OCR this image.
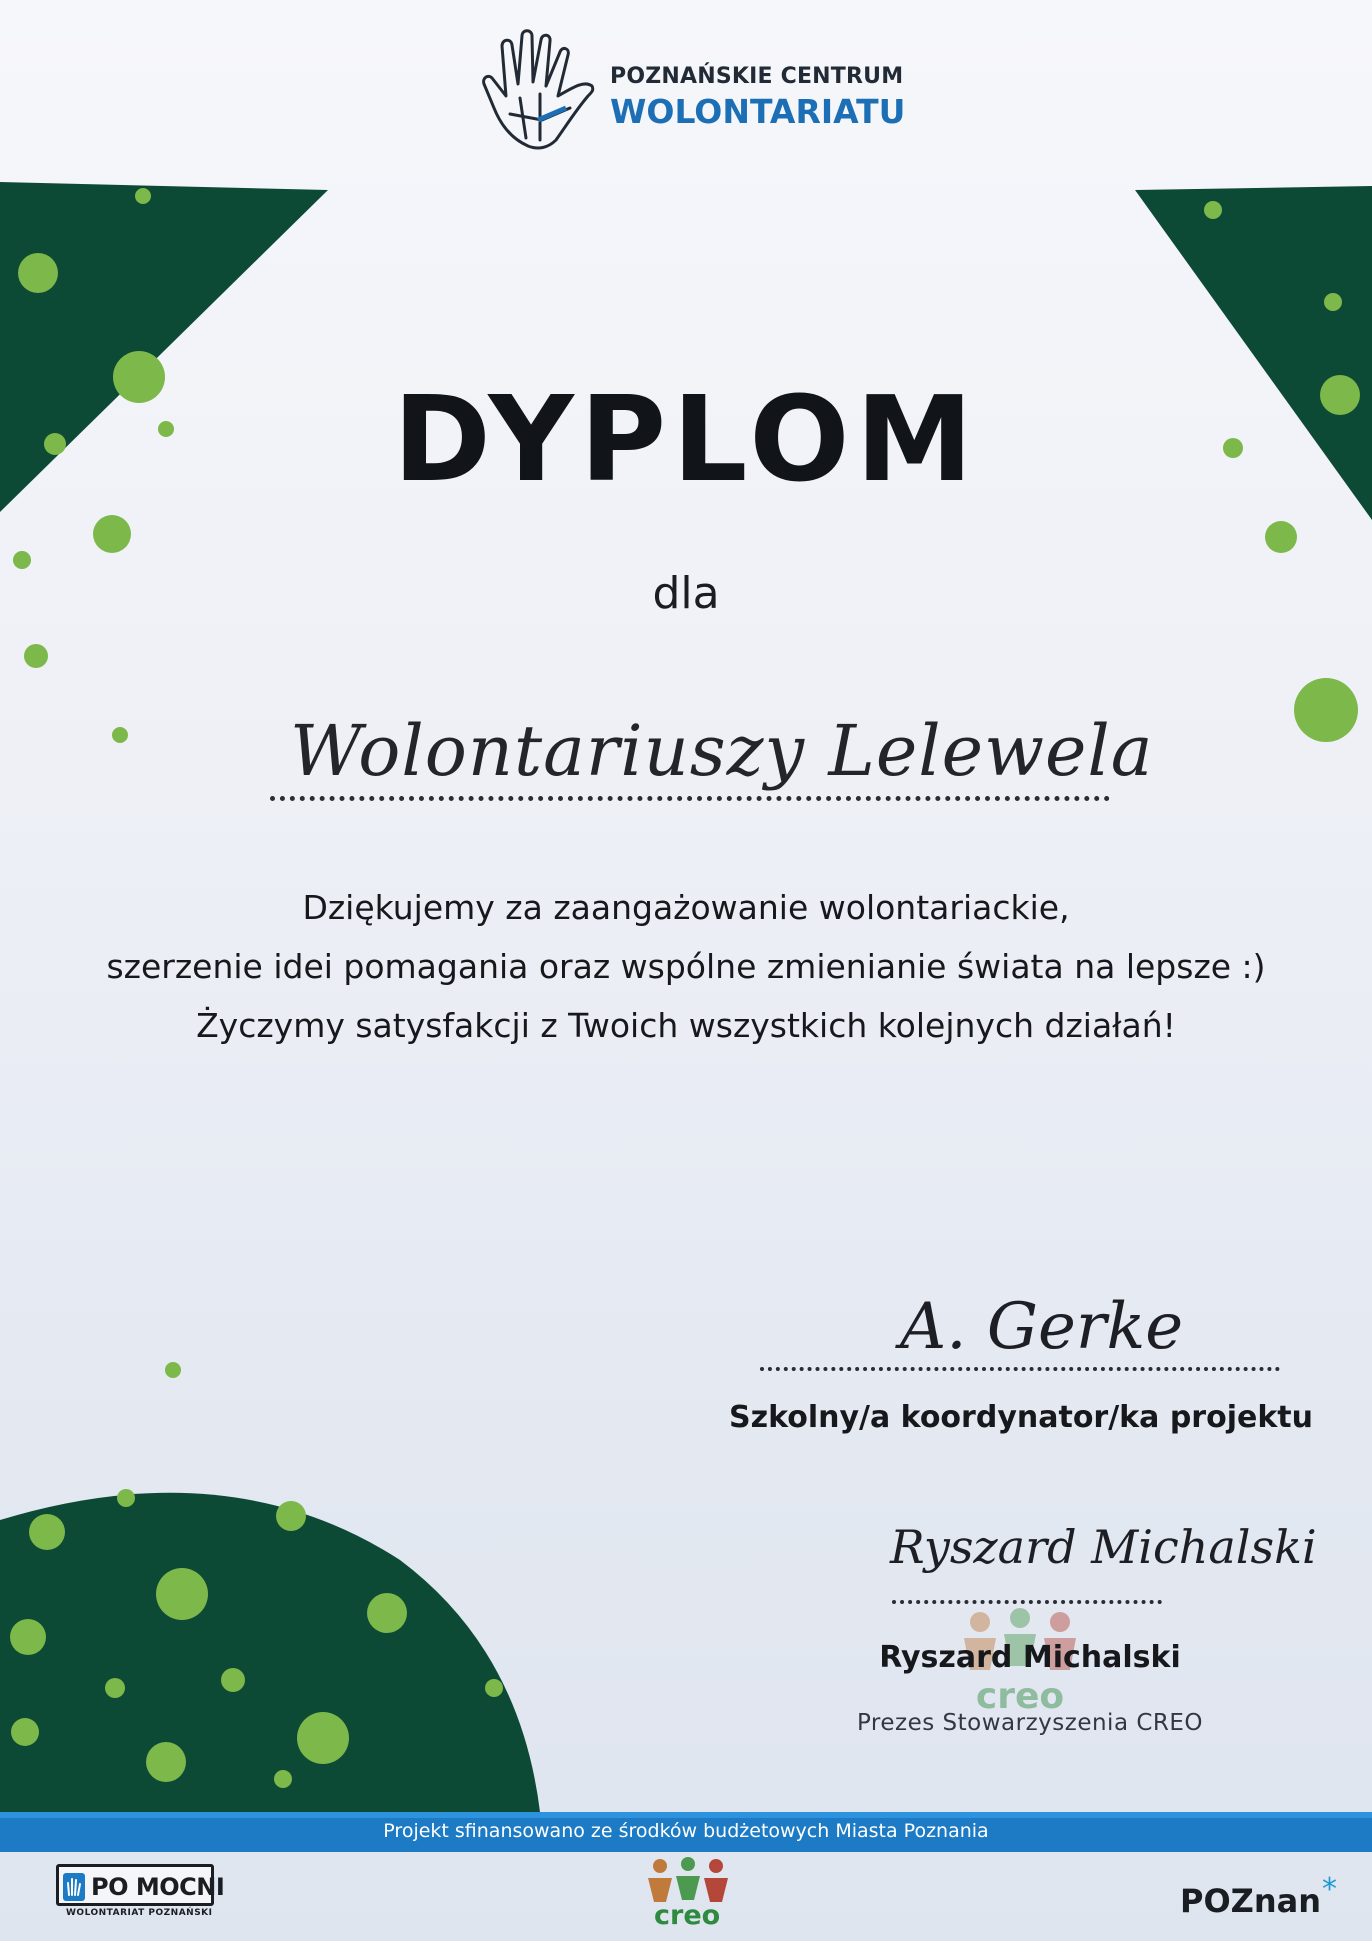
POZNAŃSKIE CENTRUM
WOLONTARIATU
DYPLOM
dla
Wolontariuszy Lelewela
Dziękujemy za zaangażowanie wolontariackie,
szerzenie idei pomagania oraz wspólne zmienianie świata na lepsze :)
Życzymy satysfakcji z Twoich wszystkich kolejnych działań!
A. Gerke
Szkolny/a koordynator/ka projektu
Ryszard Michalski
creo
Ryszard Michalski
Prezes Stowarzyszenia CREO
Projekt sfinansowano ze środków budżetowych Miasta Poznania
PO MOCNI
WOLONTARIAT POZNAŃSKI	creo	POZnan *
